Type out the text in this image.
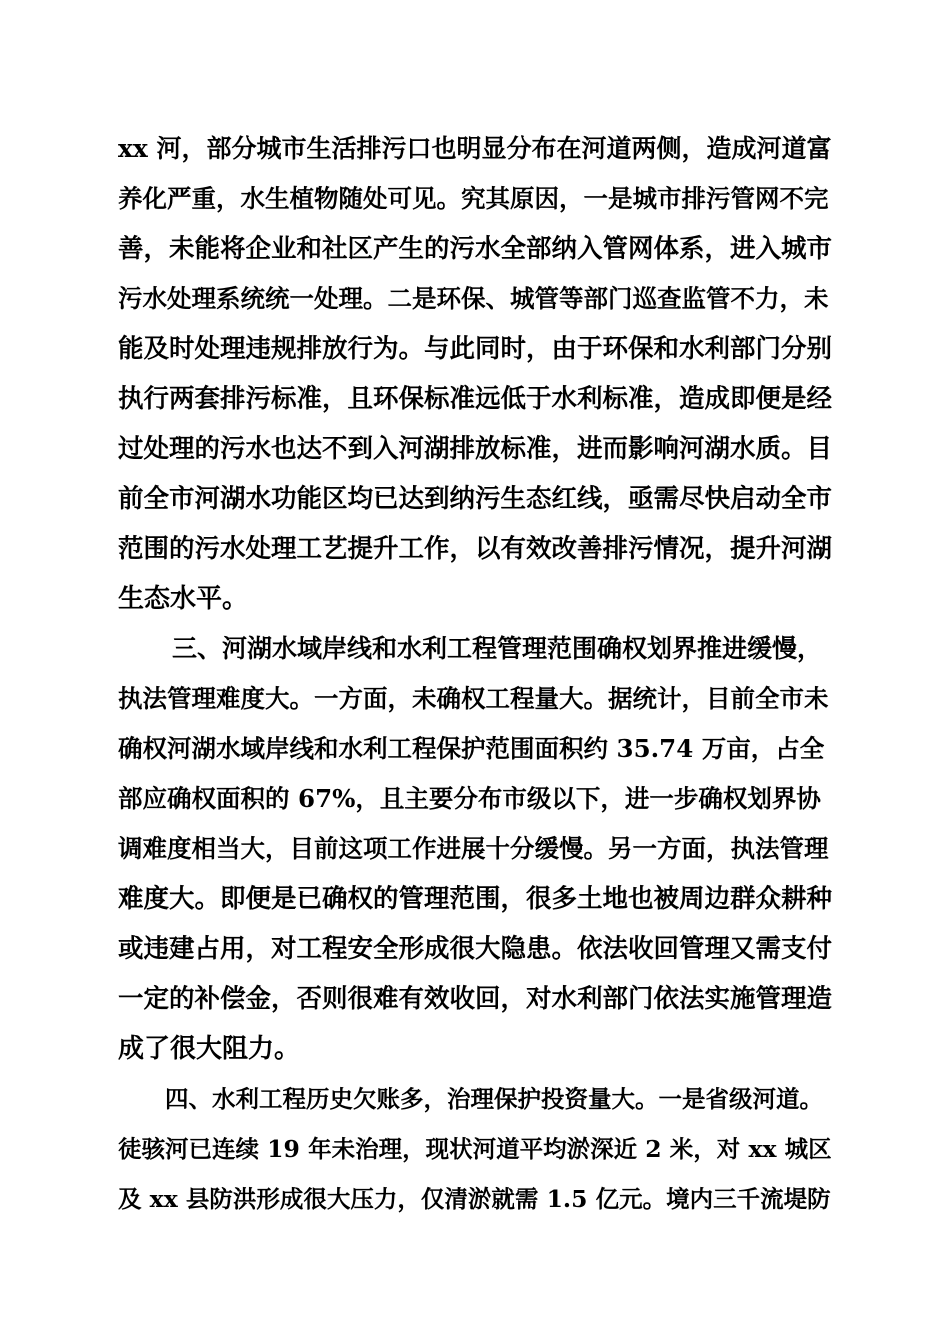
xx 河，部分城市生活排污口也明显分布在河道两侧，造成河道富
养化严重，水生植物随处可见。究其原因，一是城市排污管网不完
善，未能将企业和社区产生的污水全部纳入管网体系，进入城市
污水处理系统统一处理。二是环保、城管等部门巡查监管不力，未
能及时处理违规排放行为。与此同时，由于环保和水利部门分别
执行两套排污标准，且环保标准远低于水利标准，造成即便是经
过处理的污水也达不到入河湖排放标准，进而影响河湖水质。目
前全市河湖水功能区均已达到纳污生态红线，亟需尽快启动全市
范围的污水处理工艺提升工作，以有效改善排污情况，提升河湖
生态水平。
三、河湖水域岸线和水利工程管理范围确权划界推进缓慢，
执法管理难度大。一方面，未确权工程量大。据统计，目前全市未
确权河湖水域岸线和水利工程保护范围面积约 35.74 万亩，占全
部应确权面积的 67%，且主要分布市级以下，进一步确权划界协
调难度相当大，目前这项工作进展十分缓慢。另一方面，执法管理
难度大。即便是已确权的管理范围，很多土地也被周边群众耕种
或违建占用，对工程安全形成很大隐患。依法收回管理又需支付
一定的补偿金，否则很难有效收回，对水利部门依法实施管理造
成了很大阻力。
四、水利工程历史欠账多，治理保护投资量大。一是省级河道。
徒骇河已连续 19 年未治理，现状河道平均淤深近 2 米，对 xx 城区
及 xx 县防洪形成很大压力，仅清淤就需 1.5 亿元。境内三千流堤防
